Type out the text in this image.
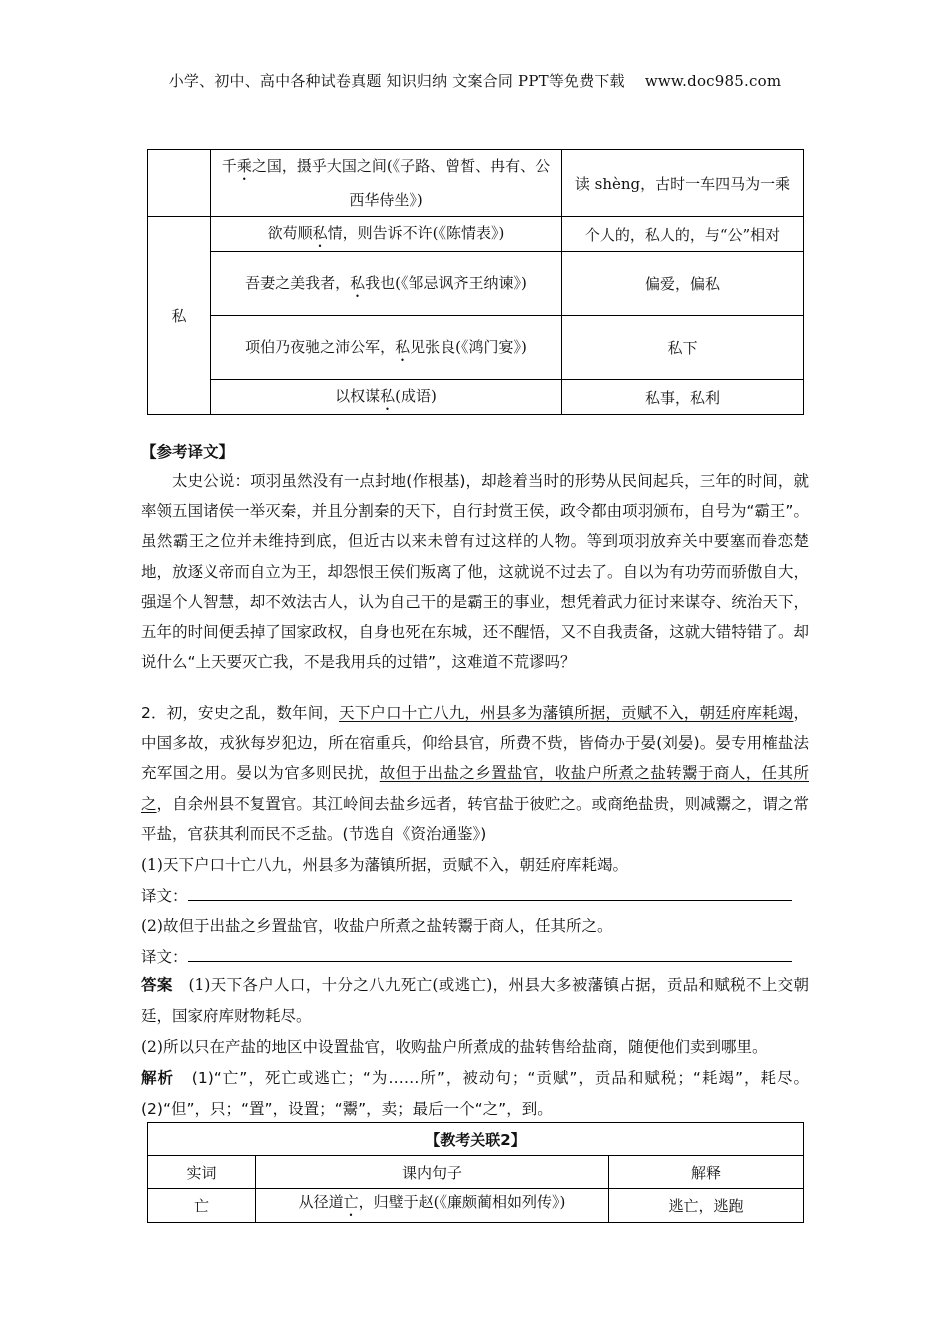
小学、初中、高中各种试卷真题 知识归纳 文案合同 PPT等免费下载 www.doc985.com
	千乘之国，摄乎大国之间(《子路、曾皙、冉有、公西华侍坐》)	读 shèng，古时一车四马为一乘
私	欲苟顺私情，则告诉不许(《陈情表》)	个人的，私人的，与“公”相对
	吾妻之美我者，私我也(《邹忌讽齐王纳谏》)	偏爱，偏私
	项伯乃夜驰之沛公军，私见张良(《鸿门宴》)	私下
	以权谋私(成语)	私事，私利
【参考译文】

太史公说：项羽虽然没有一点封地(作根基)，却趁着当时的形势从民间起兵，三年的时间，就率领五国诸侯一举灭秦，并且分割秦的天下，自行封赏王侯，政令都由项羽颁布，自号为“霸王”。虽然霸王之位并未维持到底，但近古以来未曾有过这样的人物。等到项羽放弃关中要塞而眷恋楚地，放逐义帝而自立为王，却怨恨王侯们叛离了他，这就说不过去了。自以为有功劳而骄傲自大，强逞个人智慧，却不效法古人，认为自己干的是霸王的事业，想凭着武力征讨来谋夺、统治天下，五年的时间便丢掉了国家政权，自身也死在东城，还不醒悟，又不自我责备，这就大错特错了。却说什么“上天要灭亡我，不是我用兵的过错”，这难道不荒谬吗？

2．初，安史之乱，数年间，天下户口十亡八九，州县多为藩镇所据，贡赋不入，朝廷府库耗竭，中国多故，戎狄每岁犯边，所在宿重兵，仰给县官，所费不赀，皆倚办于晏(刘晏)。晏专用榷盐法充军国之用。晏以为官多则民扰，故但于出盐之乡置盐官，收盐户所煮之盐转鬻于商人，任其所之，自余州县不复置官。其江岭间去盐乡远者，转官盐于彼贮之。或商绝盐贵，则减鬻之，谓之常平盐，官获其利而民不乏盐。(节选自《资治通鉴》)

(1)天下户口十亡八九，州县多为藩镇所据，贡赋不入，朝廷府库耗竭。

译文：

(2)故但于出盐之乡置盐官，收盐户所煮之盐转鬻于商人，任其所之。

译文：

答案 (1)天下各户人口，十分之八九死亡(或逃亡)，州县大多被藩镇占据，贡品和赋税不上交朝廷，国家府库财物耗尽。

(2)所以只在产盐的地区中设置盐官，收购盐户所煮成的盐转售给盐商，随便他们卖到哪里。

解析 (1)“亡”，死亡或逃亡；“为……所”，被动句；“贡赋”，贡品和赋税；“耗竭”，耗尽。(2)“但”，只；“置”，设置；“鬻”，卖；最后一个“之”，到。

【教考关联2】		
实词	课内句子	解释
亡	从径道亡，归璧于赵(《廉颇蔺相如列传》)	逃亡，逃跑
